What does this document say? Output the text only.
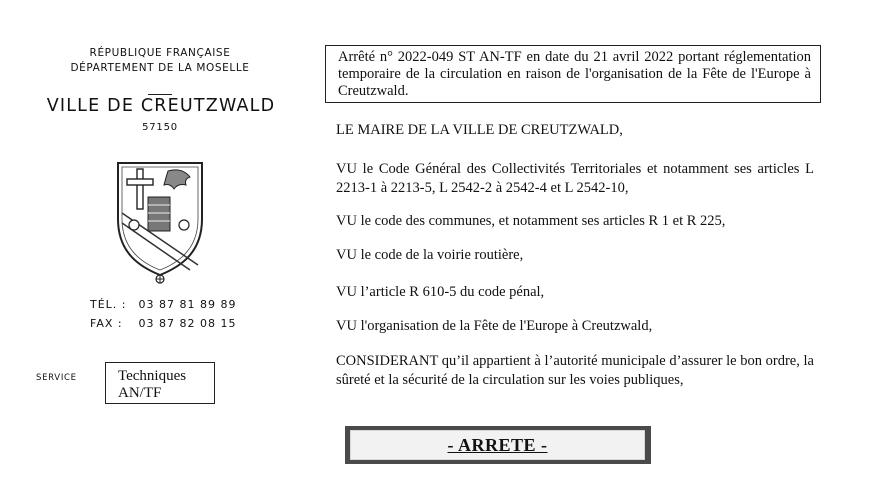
RÉPUBLIQUE FRANÇAISE
DÉPARTEMENT DE LA MOSELLE
VILLE DE CREUTZWALD
57150
TÉL. : 03 87 81 89 89
FAX : 03 87 82 08 15
SERVICE	Techniques
AN/TF
Arrêté n° 2022-049 ST AN-TF en date du 21 avril 2022 portant réglementation temporaire de la circulation en raison de l'organisation de la Fête de l'Europe à Creutzwald.
LE MAIRE DE LA VILLE DE CREUTZWALD,
VU le Code Général des Collectivités Territoriales et notamment ses articles L 2213-1 à 2213-5, L 2542-2 à 2542-4 et L 2542-10,
VU le code des communes, et notamment ses articles R 1 et R 225,
VU le code de la voirie routière,
VU l’article R 610-5 du code pénal,
VU l'organisation de la Fête de l'Europe à Creutzwald,
CONSIDERANT qu’il appartient à l’autorité municipale d’assurer le bon ordre, la sûreté et la sécurité de la circulation sur les voies publiques,
- ARRETE -
